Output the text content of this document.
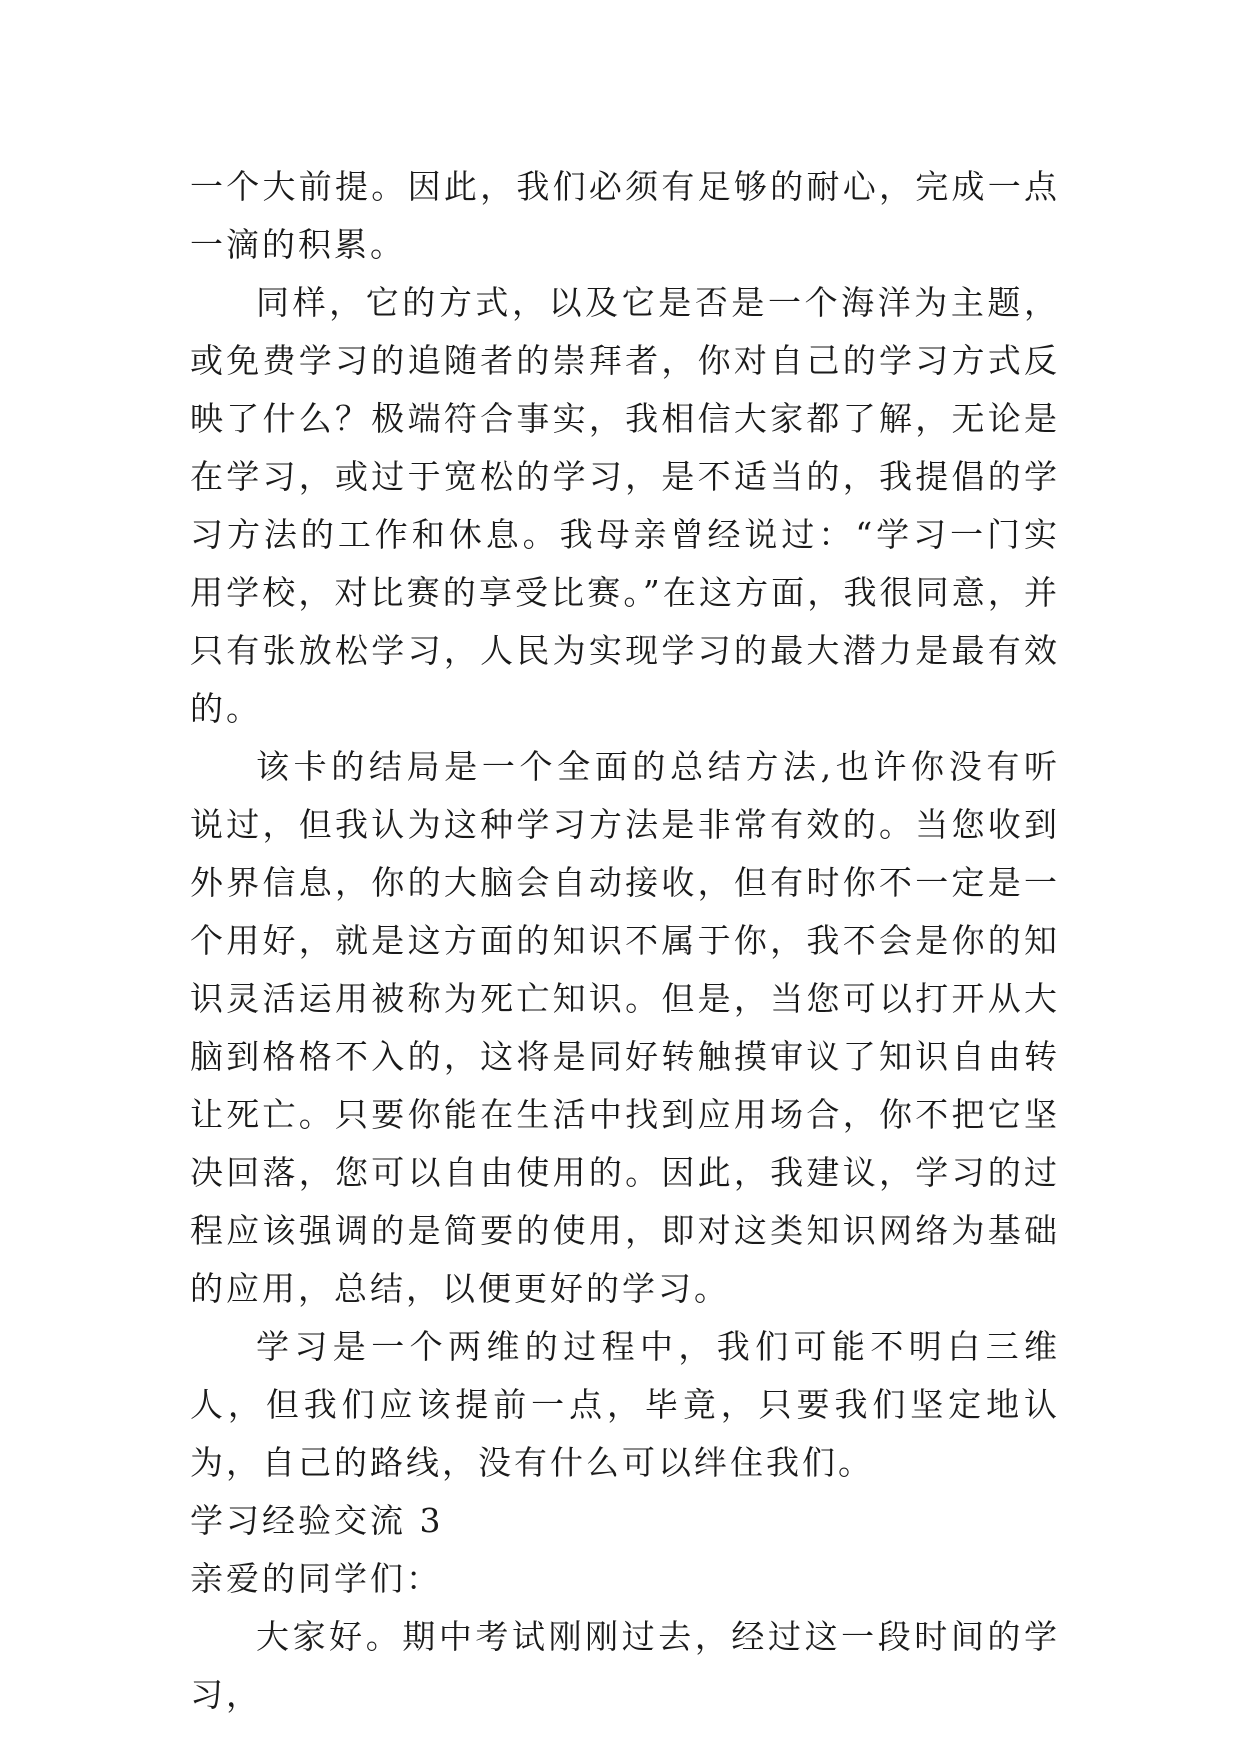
一个大前提。因此，我们必须有足够的耐心，完成一点一滴的积累。

同样，它的方式，以及它是否是一个海洋为主题，或免费学习的追随者的崇拜者，你对自己的学习方式反映了什么？极端符合事实，我相信大家都了解，无论是在学习，或过于宽松的学习，是不适当的，我提倡的学习方法的工作和休息。我母亲曾经说过：“学习一门实用学校，对比赛的享受比赛。”在这方面，我很同意，并只有张放松学习，人民为实现学习的最大潜力是最有效的。

该卡的结局是一个全面的总结方法,也许你没有听说过，但我认为这种学习方法是非常有效的。当您收到外界信息，你的大脑会自动接收，但有时你不一定是一个用好，就是这方面的知识不属于你，我不会是你的知识灵活运用被称为死亡知识。但是，当您可以打开从大脑到格格不入的，这将是同好转触摸审议了知识自由转让死亡。只要你能在生活中找到应用场合，你不把它坚决回落，您可以自由使用的。因此，我建议，学习的过程应该强调的是简要的使用，即对这类知识网络为基础的应用，总结，以便更好的学习。

学习是一个两维的过程中，我们可能不明白三维人，但我们应该提前一点，毕竟，只要我们坚定地认为，自己的路线，没有什么可以绊住我们。

学习经验交流 3

亲爱的同学们：

大家好。期中考试刚刚过去，经过这一段时间的学习，
